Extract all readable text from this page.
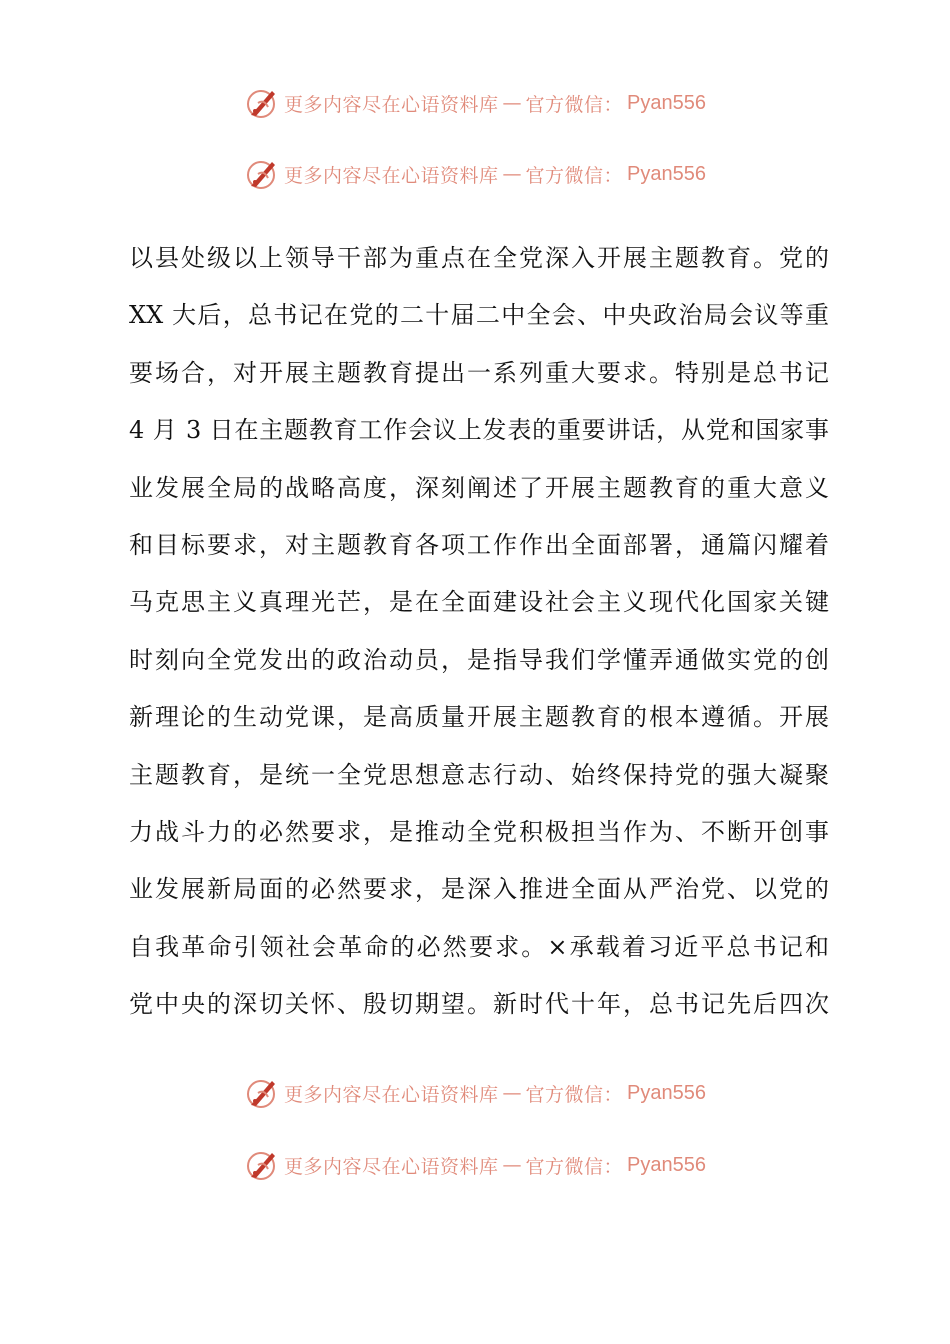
更多内容尽在心语资料库 — 官方微信： Pyan556
更多内容尽在心语资料库 — 官方微信： Pyan556
以县处级以上领导干部为重点在全党深入开展主题教育。党的
XX 大后，总书记在党的二十届二中全会、中央政治局会议等重
要场合，对开展主题教育提出一系列重大要求。特别是总书记
4 月 3 日在主题教育工作会议上发表的重要讲话，从党和国家事
业发展全局的战略高度，深刻阐述了开展主题教育的重大意义
和目标要求，对主题教育各项工作作出全面部署，通篇闪耀着
马克思主义真理光芒，是在全面建设社会主义现代化国家关键
时刻向全党发出的政治动员，是指导我们学懂弄通做实党的创
新理论的生动党课，是高质量开展主题教育的根本遵循。开展
主题教育，是统一全党思想意志行动、始终保持党的强大凝聚
力战斗力的必然要求，是推动全党积极担当作为、不断开创事
业发展新局面的必然要求，是深入推进全面从严治党、以党的
自我革命引领社会革命的必然要求。×承载着习近平总书记和
党中央的深切关怀、殷切期望。新时代十年，总书记先后四次
更多内容尽在心语资料库 — 官方微信： Pyan556
更多内容尽在心语资料库 — 官方微信： Pyan556
